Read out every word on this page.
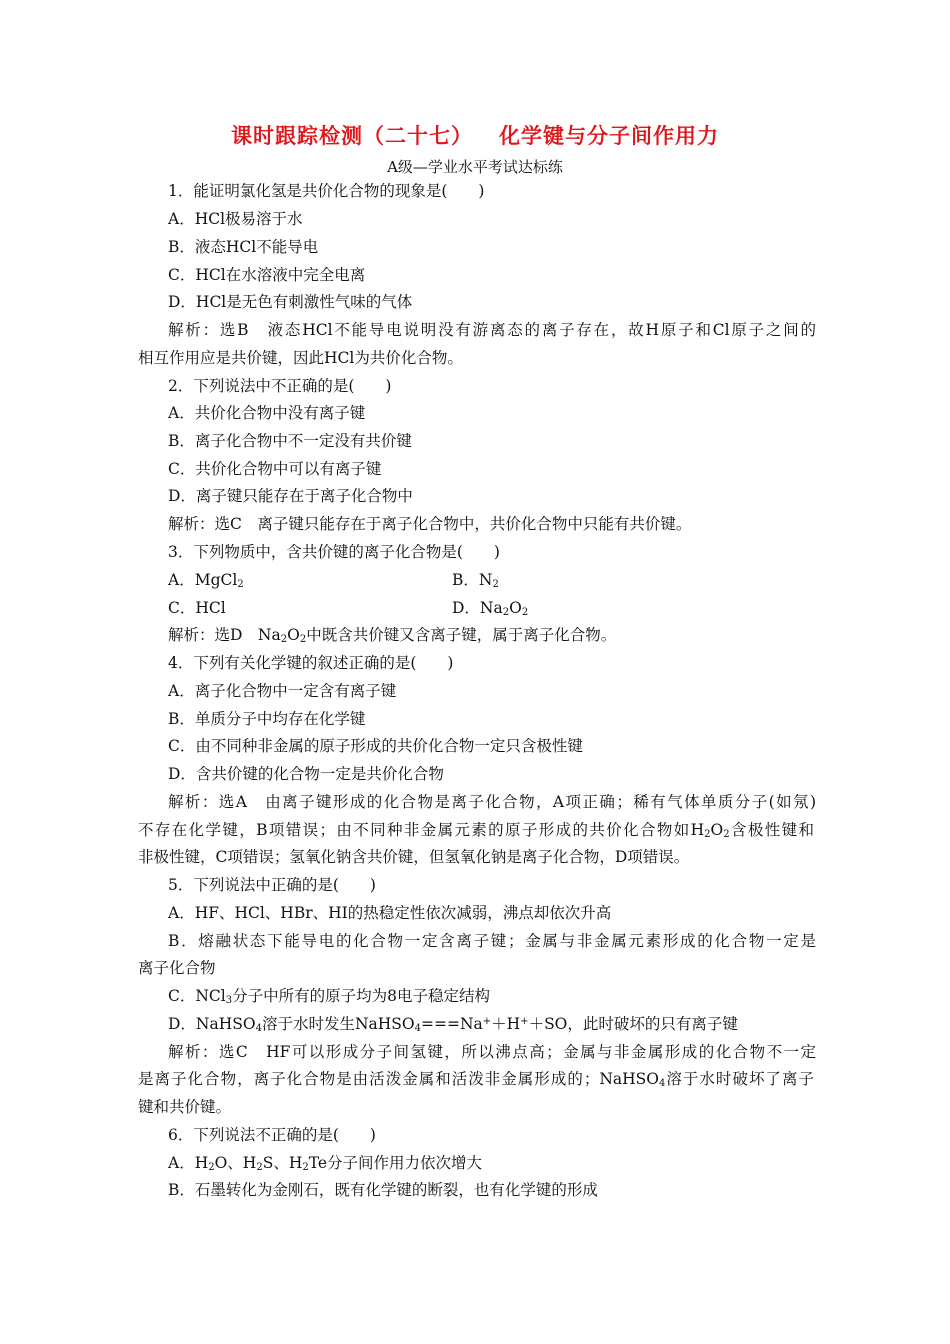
课时跟踪检测（二十七） 化学键与分子间作用力
A级—学业水平考试达标练
1．能证明氯化氢是共价化合物的现象是(　　)
A．HCl极易溶于水
B．液态HCl不能导电
C．HCl在水溶液中完全电离
D．HCl是无色有刺激性气味的气体
解析：选B　液态HCl不能导电说明没有游离态的离子存在，故H原子和Cl原子之间的
相互作用应是共价键，因此HCl为共价化合物。
2．下列说法中不正确的是(　　)
A．共价化合物中没有离子键
B．离子化合物中不一定没有共价键
C．共价化合物中可以有离子键
D．离子键只能存在于离子化合物中
解析：选C　离子键只能存在于离子化合物中，共价化合物中只能有共价键。
3．下列物质中，含共价键的离子化合物是(　　)
A．MgCl$_2$	B．$N_2$
C．HCl	D．$Na_2O_2$
解析：选D　$Na_2O_2$中既含共价键又含离子键，属于离子化合物。
4．下列有关化学键的叙述正确的是(　　)
A．离子化合物中一定含有离子键
B．单质分子中均存在化学键
C．由不同种非金属的原子形成的共价化合物一定只含极性键
D．含共价键的化合物一定是共价化合物
解析：选A　由离子键形成的化合物是离子化合物，A项正确；稀有气体单质分子(如氖)
不存在化学键，B项错误；由不同种非金属元素的原子形成的共价化合物如$H_2O_2$含极性键和
非极性键，C项错误；氢氧化钠含共价键，但氢氧化钠是离子化合物，D项错误。
5．下列说法中正确的是(　　)
A．HF、HCl、HBr、HI的热稳定性依次减弱，沸点却依次升高
B．熔融状态下能导电的化合物一定含离子键；金属与非金属元素形成的化合物一定是
离子化合物
C．NCl$_3$分子中所有的原子均为8电子稳定结构
D．NaHSO$_4$溶于水时发生NaHSO$_4$===Na+＋H+＋SO，此时破坏的只有离子键
解析：选C　HF可以形成分子间氢键，所以沸点高；金属与非金属形成的化合物不一定
是离子化合物，离子化合物是由活泼金属和活泼非金属形成的；NaHSO$_4$溶于水时破坏了离子
键和共价键。
6．下列说法不正确的是(　　)
A．$H_2O$、$H_2S$、$H_2Te$分子间作用力依次增大
B．石墨转化为金刚石，既有化学键的断裂，也有化学键的形成
